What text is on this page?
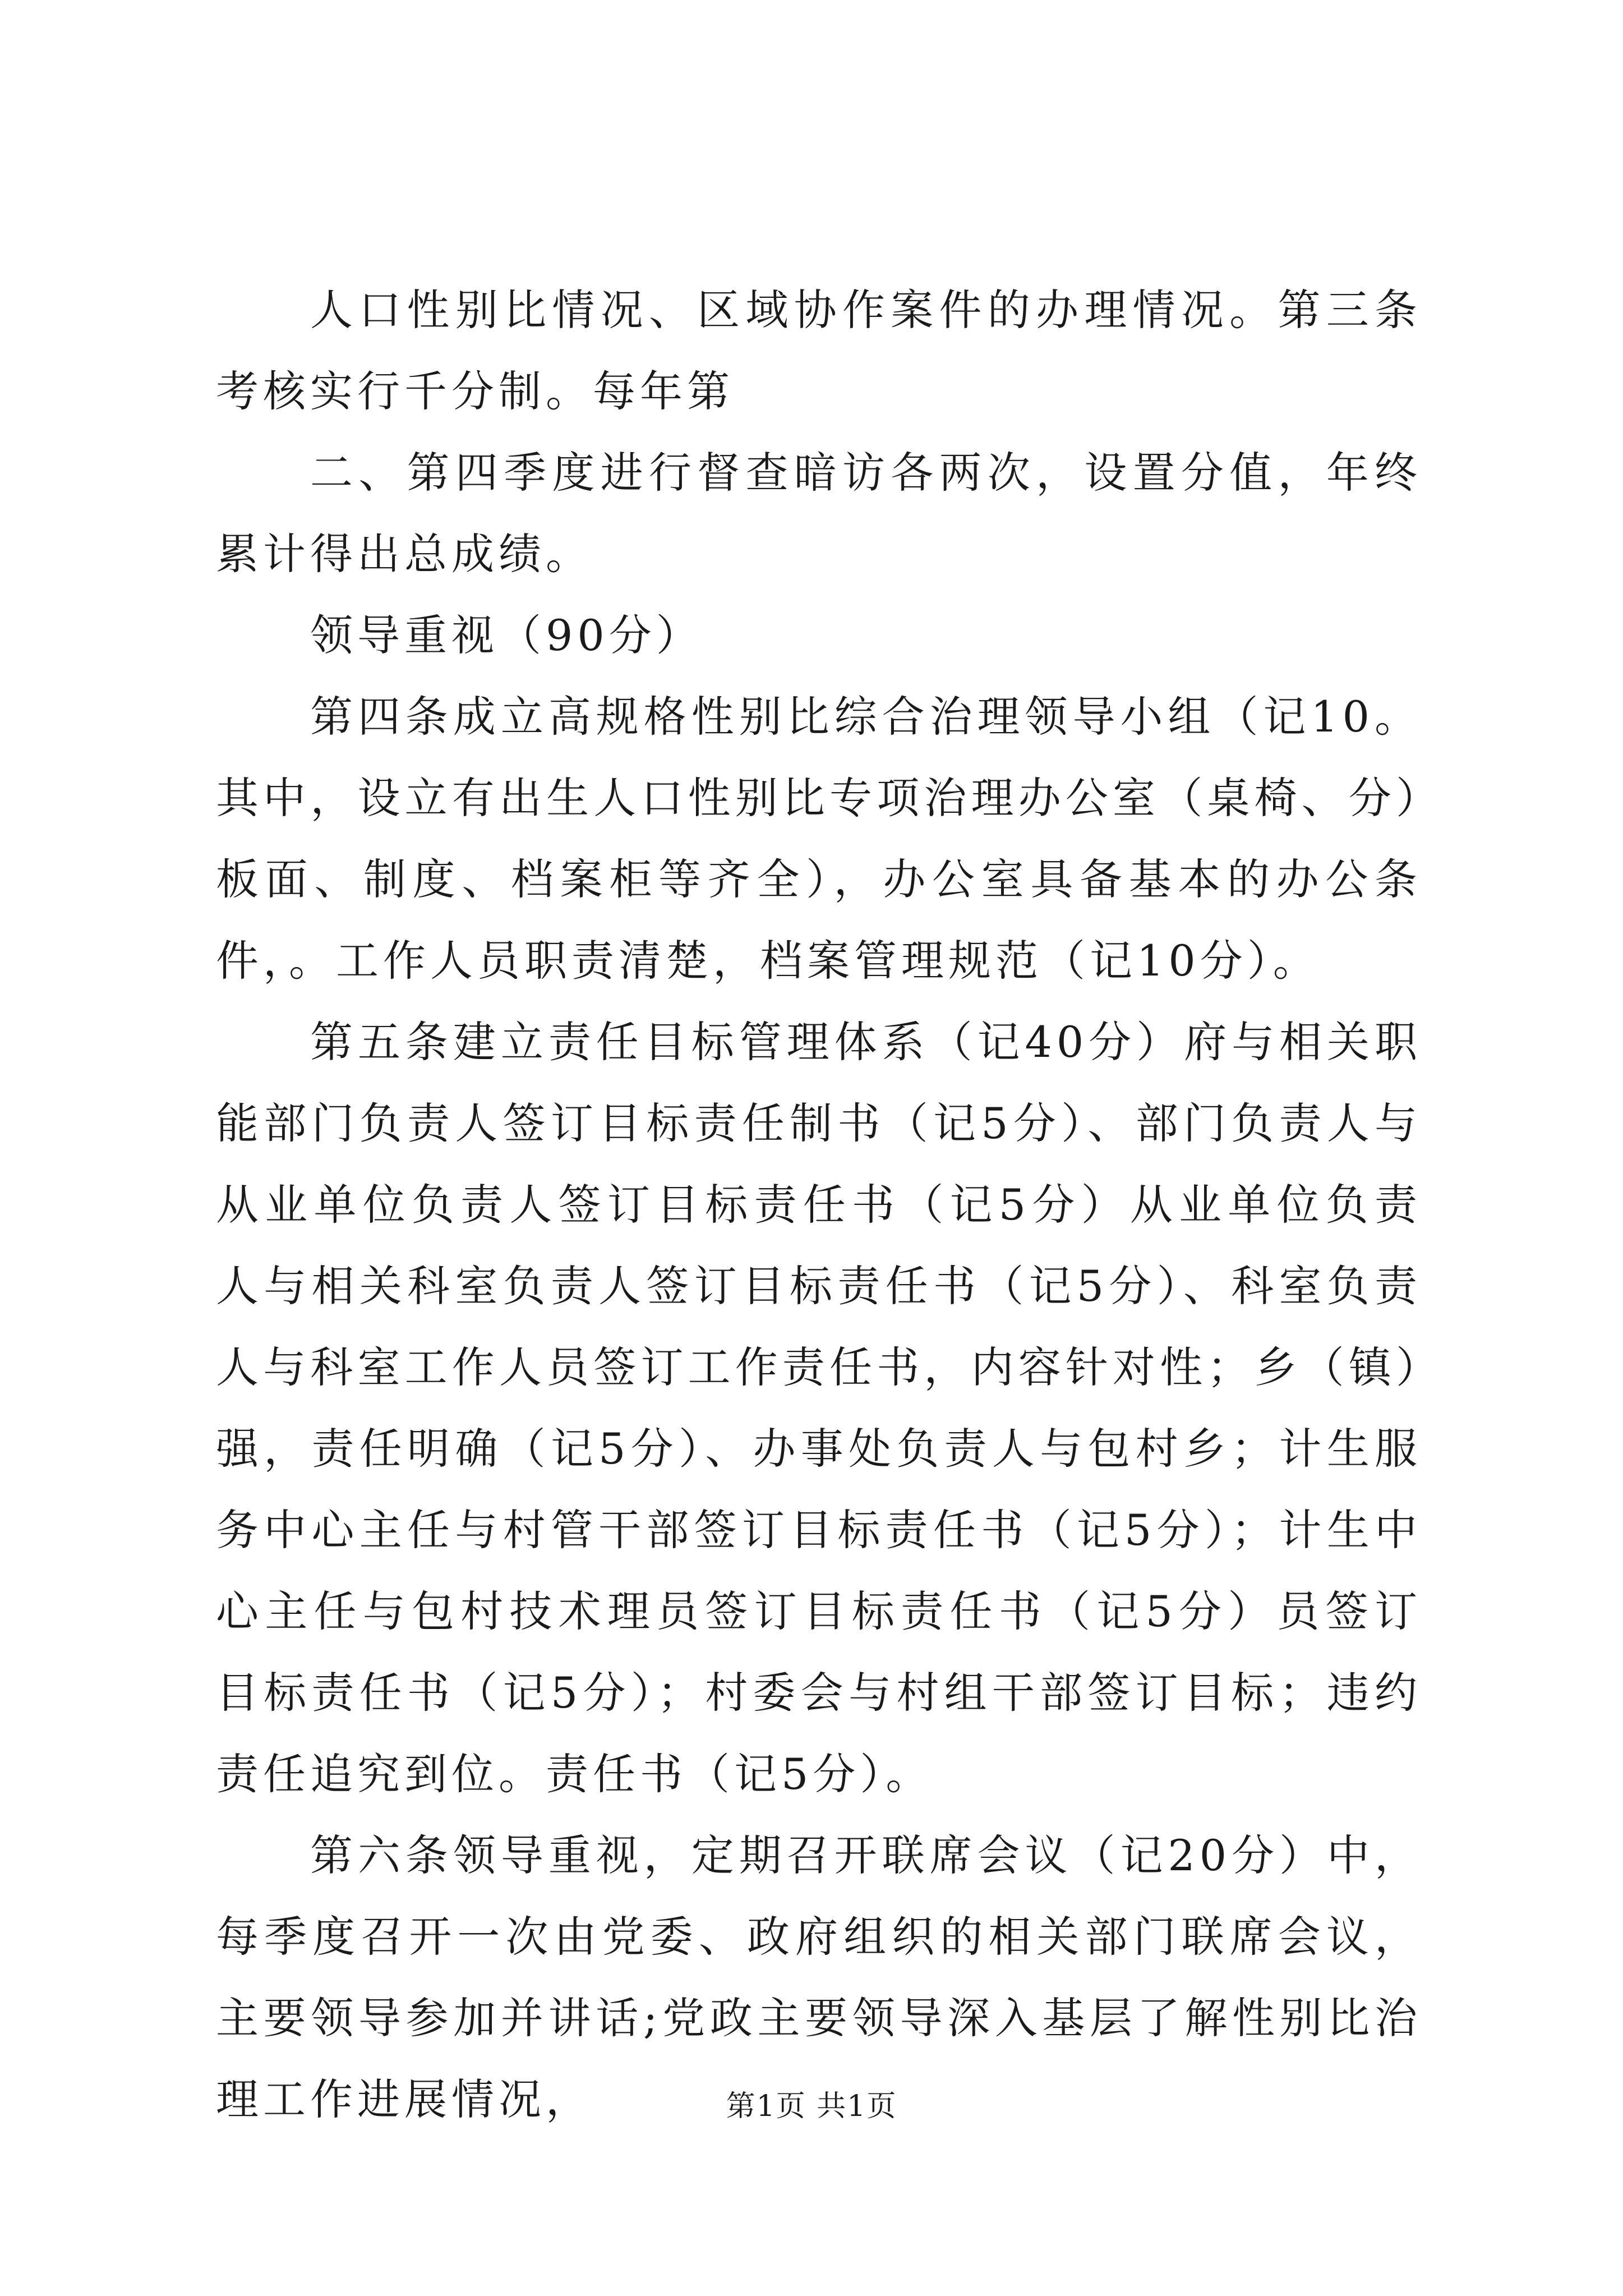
人口性别比情况、区域协作案件的办理情况。第三条考核实行千分制。每年第

二、第四季度进行督查暗访各两次，设置分值，年终累计得出总成绩。

领导重视（90分）

第四条成立高规格性别比综合治理领导小组（记10。其中，设立有出生人口性别比专项治理办公室（桌椅、分）板面、制度、档案柜等齐全），办公室具备基本的办公条件，。工作人员职责清楚，档案管理规范（记10分）。

第五条建立责任目标管理体系（记40分）府与相关职能部门负责人签订目标责任制书（记5分）、部门负责人与从业单位负责人签订目标责任书（记5分）从业单位负责人与相关科室负责人签订目标责任书（记5分）、科室负责人与科室工作人员签订工作责任书，内容针对性；乡（镇）强，责任明确（记5分）、办事处负责人与包村乡；计生服务中心主任与村管干部签订目标责任书（记5分）；计生中心主任与包村技术理员签订目标责任书（记5分）员签订目标责任书（记5分）；村委会与村组干部签订目标；违约责任追究到位。责任书（记5分）。

第六条领导重视，定期召开联席会议（记20分）中，每季度召开一次由党委、政府组织的相关部门联席会议，主要领导参加并讲话;党政主要领导深入基层了解性别比治理工作进展情况，	第1页 共1页
